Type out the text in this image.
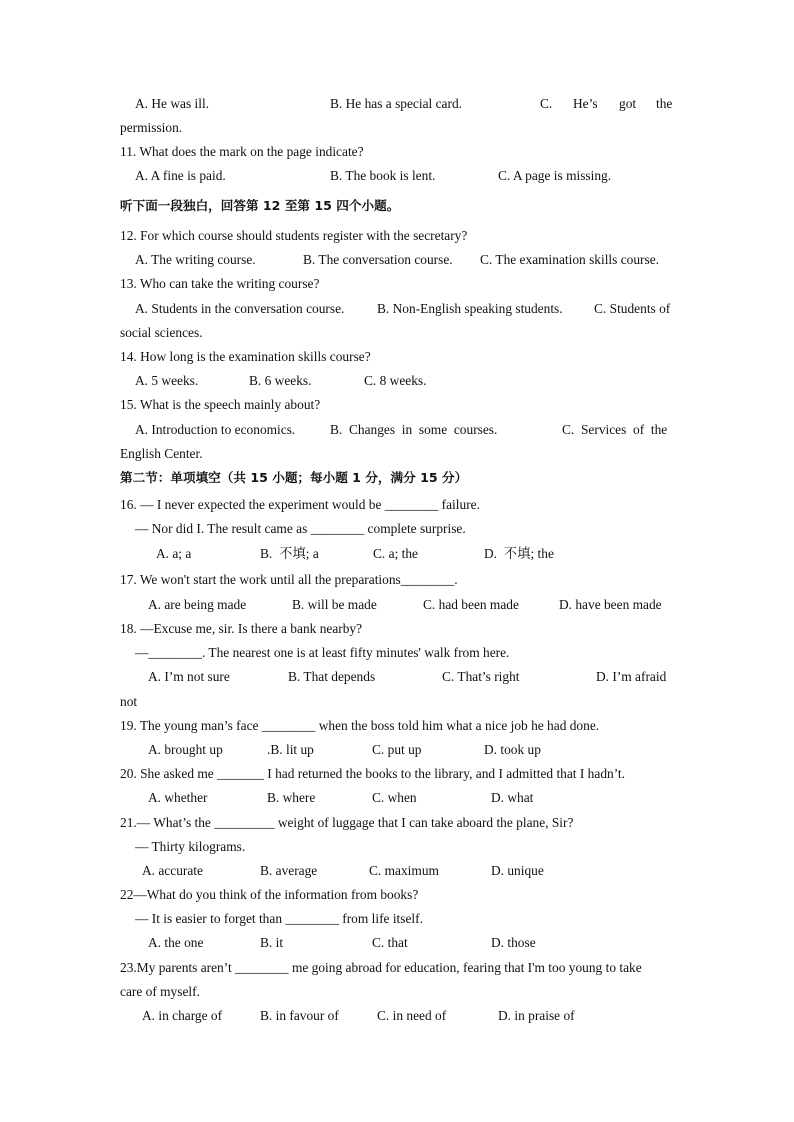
A. He was ill.	B. He has a special card.	C. He’s got the
permission.
11. What does the mark on the page indicate?
A. A fine is paid.	B. The book is lent.	C. A page is missing.
听下面一段独白，回答第 12 至第 15 四个小题。
12. For which course should students register with the secretary?
A. The writing course.	B. The conversation course. C. The examination skills course.
13. Who can take the writing course?
A. Students in the conversation course. B. Non-English speaking students. C. Students of
social sciences.
14. How long is the examination skills course?
A. 5 weeks.	B. 6 weeks.	C. 8 weeks.
15. What is the speech mainly about?
A. Introduction to economics.	B.  Changes  in  some  courses.	C.  Services  of  the
English Center.
第二节：单项填空（共 15 小题；每小题 1 分，满分 15 分）
16. — I never expected the experiment would be ________ failure.
— Nor did I. The result came as ________ complete surprise.
A. a; a	B.  不填; a	C. a; the	D.  不填; the
17. We won't start the work until all the preparations________.
A. are being made	B. will be made	C. had been made	D. have been made
18. —Excuse me, sir. Is there a bank nearby?
—________. The nearest one is at least fifty minutes' walk from here.
A. I’m not sure	B. That depends	C. That’s right	D. I’m afraid
not
19. The young man’s face ________ when the boss told him what a nice job he had done.
A. brought up	.B. lit up	C. put up	D. took up
20. She asked me _______ I had returned the books to the library, and I admitted that I hadn’t.
A. whether	B. where	C. when	D. what
21.— What’s the _________ weight of luggage that I can take aboard the plane, Sir?
— Thirty kilograms.
A. accurate	B. average	C. maximum	D. unique
22—What do you think of the information from books?
— It is easier to forget than ________ from life itself.
A. the one	B. it	C. that	D. those
23.My parents aren’t ________ me going abroad for education, fearing that I'm too young to take
care of myself.
A. in charge of	B. in favour of	C. in need of	D. in praise of
